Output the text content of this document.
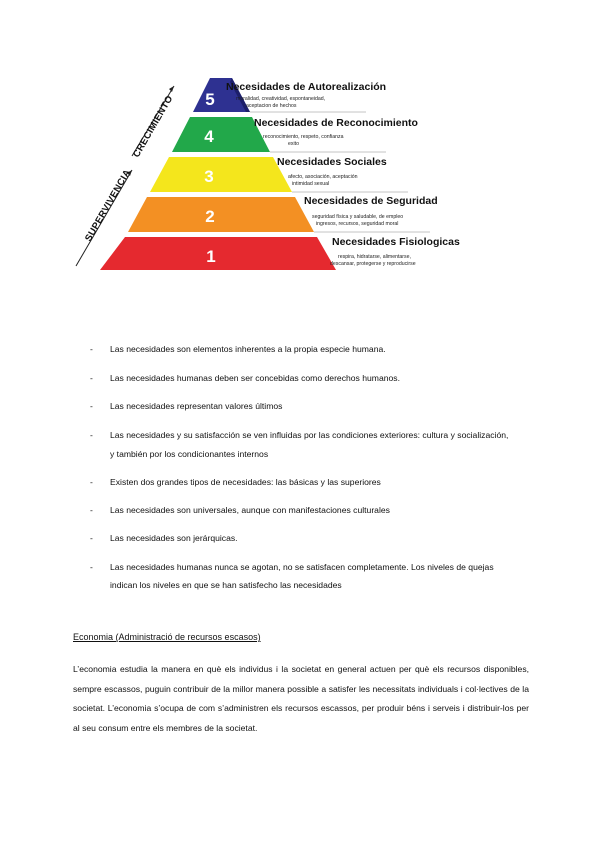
5
4
3
2
1
Necesidades de Autorealización
Necesidades de Reconocimiento
Necesidades Sociales
Necesidades de Seguridad
Necesidades Fisiologicas
moralidad, creatividad, espontaneidad,
aceptacion de hechos
reconocimiento, respeto, confianza
exito
afecto, asociación, aceptación
intimidad sexual
seguridad física y saludable, de empleo
ingresos, recursos, seguridad moral
respira, hidratarse, alimentarse,
descansar, protegerse y reproducirse
SUPERVIVENCIA
CRECIMIENTO
- Las necesidades son elementos inherentes a la propia especie humana.
- Las necesidades humanas deben ser concebidas como derechos humanos.
- Las necesidades representan valores últimos
- Las necesidades y su satisfacción se ven influidas por las condiciones exteriores: cultura y socialización,
y también por los condicionantes internos
- Existen dos grandes tipos de necesidades: las básicas y las superiores
- Las necesidades son universales, aunque con manifestaciones culturales
- Las necesidades son jerárquicas.
- Las necesidades humanas nunca se agotan, no se satisfacen completamente. Los niveles de quejas
indican los niveles en que se han satisfecho las necesidades
Economia (Administració de recursos escasos)
L’economia estudia la manera en què els individus i la societat en general actuen per què els recursos disponibles, sempre escassos, puguin contribuir de la millor manera possible a satisfer les necessitats individuals i col·lectives de la societat. L’economia s’ocupa de com s’administren els recursos escassos, per produir béns i serveis i distribuir-los per al seu consum entre els membres de la societat.
